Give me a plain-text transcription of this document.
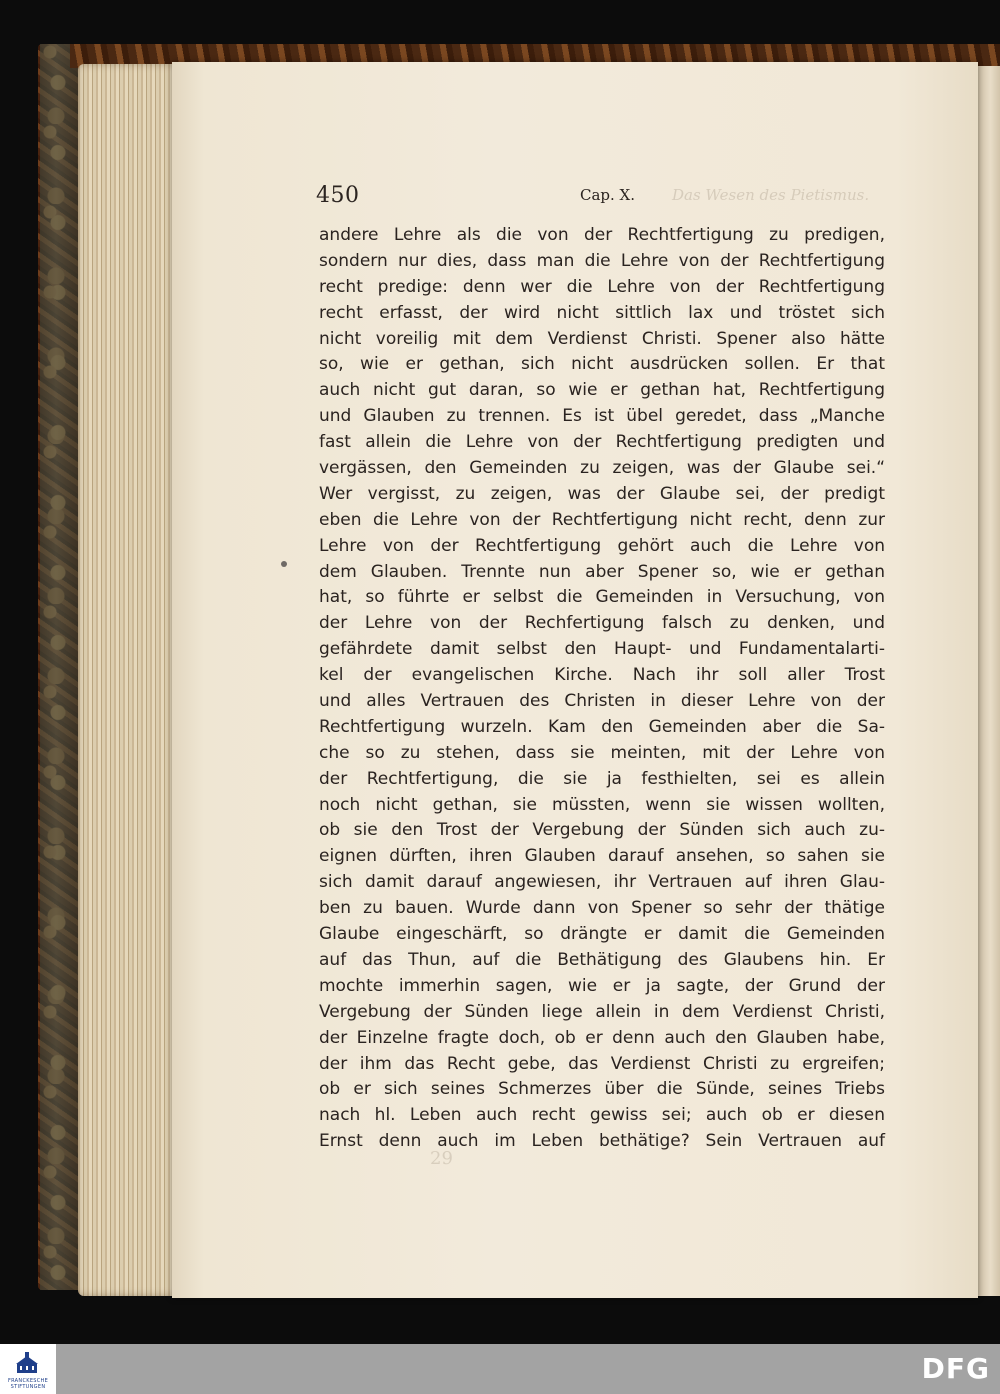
Das Wesen des Pietismus.
29
450	Cap. X.
andere Lehre als die von der Rechtfertigung zu predigen,
sondern nur dies, dass man die Lehre von der Rechtfertigung
recht predige: denn wer die Lehre von der Rechtfertigung
recht erfasst, der wird nicht sittlich lax und tröstet sich
nicht voreilig mit dem Verdienst Christi. Spener also hätte
so, wie er gethan, sich nicht ausdrücken sollen. Er that
auch nicht gut daran, so wie er gethan hat, Rechtfertigung
und Glauben zu trennen. Es ist übel geredet, dass „Manche
fast allein die Lehre von der Rechtfertigung predigten und
vergässen, den Gemeinden zu zeigen, was der Glaube sei.“
Wer vergisst, zu zeigen, was der Glaube sei, der predigt
eben die Lehre von der Rechtfertigung nicht recht, denn zur
Lehre von der Rechtfertigung gehört auch die Lehre von
dem Glauben. Trennte nun aber Spener so, wie er gethan
hat, so führte er selbst die Gemeinden in Versuchung, von
der Lehre von der Rechfertigung falsch zu denken, und
gefährdete damit selbst den Haupt- und Fundamentalarti-
kel der evangelischen Kirche. Nach ihr soll aller Trost
und alles Vertrauen des Christen in dieser Lehre von der
Rechtfertigung wurzeln. Kam den Gemeinden aber die Sa-
che so zu stehen, dass sie meinten, mit der Lehre von
der Rechtfertigung, die sie ja festhielten, sei es allein
noch nicht gethan, sie müssten, wenn sie wissen wollten,
ob sie den Trost der Vergebung der Sünden sich auch zu-
eignen dürften, ihren Glauben darauf ansehen, so sahen sie
sich damit darauf angewiesen, ihr Vertrauen auf ihren Glau-
ben zu bauen. Wurde dann von Spener so sehr der thätige
Glaube eingeschärft, so drängte er damit die Gemeinden
auf das Thun, auf die Bethätigung des Glaubens hin. Er
mochte immerhin sagen, wie er ja sagte, der Grund der
Vergebung der Sünden liege allein in dem Verdienst Christi,
der Einzelne fragte doch, ob er denn auch den Glauben habe,
der ihm das Recht gebe, das Verdienst Christi zu ergreifen;
ob er sich seines Schmerzes über die Sünde, seines Triebs
nach hl. Leben auch recht gewiss sei; auch ob er diesen
Ernst denn auch im Leben bethätige? Sein Vertrauen auf
FRANCKESCHE STIFTUNGEN
DFG
